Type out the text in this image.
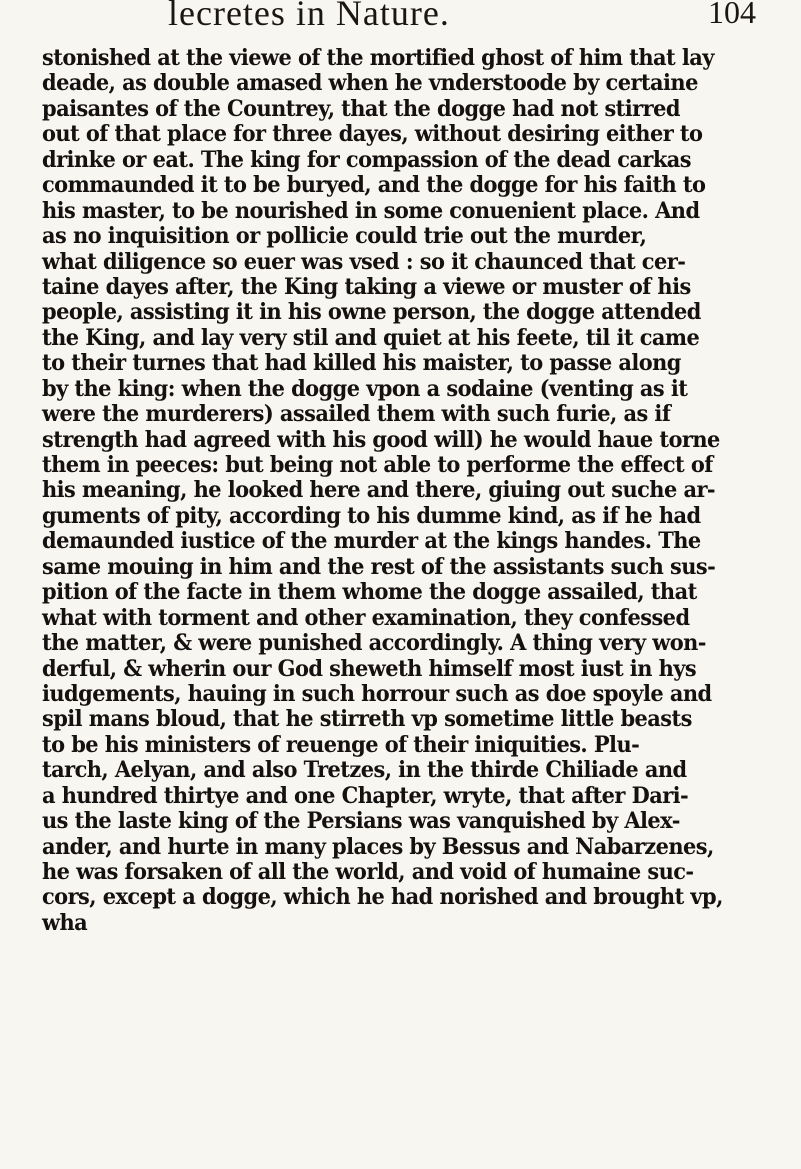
lecretes in Nature.	104
stonished at the viewe of the mortified ghost of him that lay
deade, as double amased when he vnderstoode by certaine
paisantes of the Countrey, that the dogge had not stirred
out of that place for three dayes, without desiring either to
drinke or eat. The king for compassion of the dead carkas
commaunded it to be buryed, and the dogge for his faith to
his master, to be nourished in some conuenient place. And
as no inquisition or pollicie could trie out the murder,
what diligence so euer was vsed : so it chaunced that cer-
taine dayes after, the King taking a viewe or muster of his
people, assisting it in his owne person, the dogge attended
the King, and lay very stil and quiet at his feete, til it came
to their turnes that had killed his maister, to passe along
by the king: when the dogge vpon a sodaine (venting as it
were the murderers) assailed them with such furie, as if
strength had agreed with his good will) he would haue torne
them in peeces: but being not able to performe the effect of
his meaning, he looked here and there, giuing out suche ar-
guments of pity, according to his dumme kind, as if he had
demaunded iustice of the murder at the kings handes. The
same mouing in him and the rest of the assistants such sus-
pition of the facte in them whome the dogge assailed, that
what with torment and other examination, they confessed
the matter, & were punished accordingly. A thing very won-
derful, & wherin our God sheweth himself most iust in hys
iudgements, hauing in such horrour such as doe spoyle and
spil mans bloud, that he stirreth vp sometime little beasts
to be his ministers of reuenge of their iniquities. Plu-
tarch, Aelyan, and also Tretzes, in the thirde Chiliade and
a hundred thirtye and one Chapter, wryte, that after Dari-
us the laste king of the Persians was vanquished by Alex-
ander, and hurte in many places by Bessus and Nabarzenes,
he was forsaken of all the world, and void of humaine suc-
cors, except a dogge, which he had norished and brought vp,
wha
